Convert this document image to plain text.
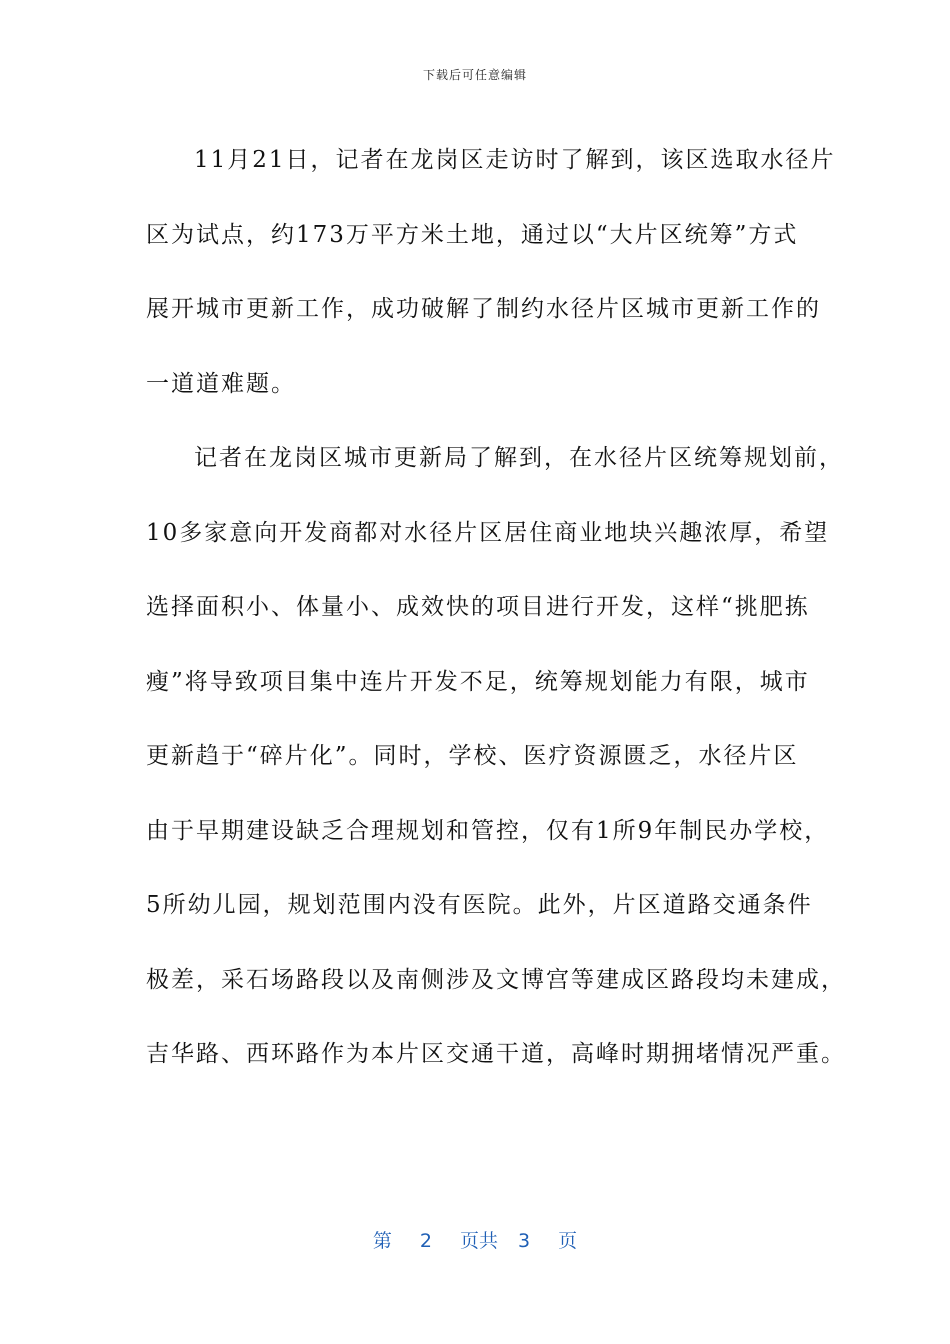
下载后可任意编辑
11月21日，记者在龙岗区走访时了解到，该区选取水径片
区为试点，约173万平方米土地，通过以“大片区统筹”方式
展开城市更新工作，成功破解了制约水径片区城市更新工作的
一道道难题。
记者在龙岗区城市更新局了解到，在水径片区统筹规划前，
10多家意向开发商都对水径片区居住商业地块兴趣浓厚，希望
选择面积小、体量小、成效快的项目进行开发，这样“挑肥拣
瘦”将导致项目集中连片开发不足，统筹规划能力有限，城市
更新趋于“碎片化”。同时，学校、医疗资源匮乏，水径片区
由于早期建设缺乏合理规划和管控，仅有1所9年制民办学校，
5所幼儿园，规划范围内没有医院。此外，片区道路交通条件
极差，采石场路段以及南侧涉及文博宫等建成区路段均未建成，
吉华路、西环路作为本片区交通干道，高峰时期拥堵情况严重。
第 2 页共 3 页
